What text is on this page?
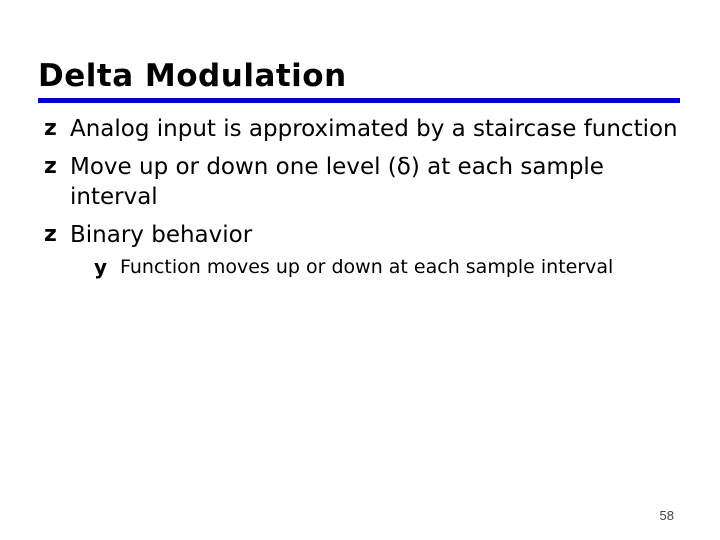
Delta Modulation
z Analog input is approximated by a staircase function
z Move up or down one level (δ) at each sample interval
z Binary behavior
y Function moves up or down at each sample interval
58
